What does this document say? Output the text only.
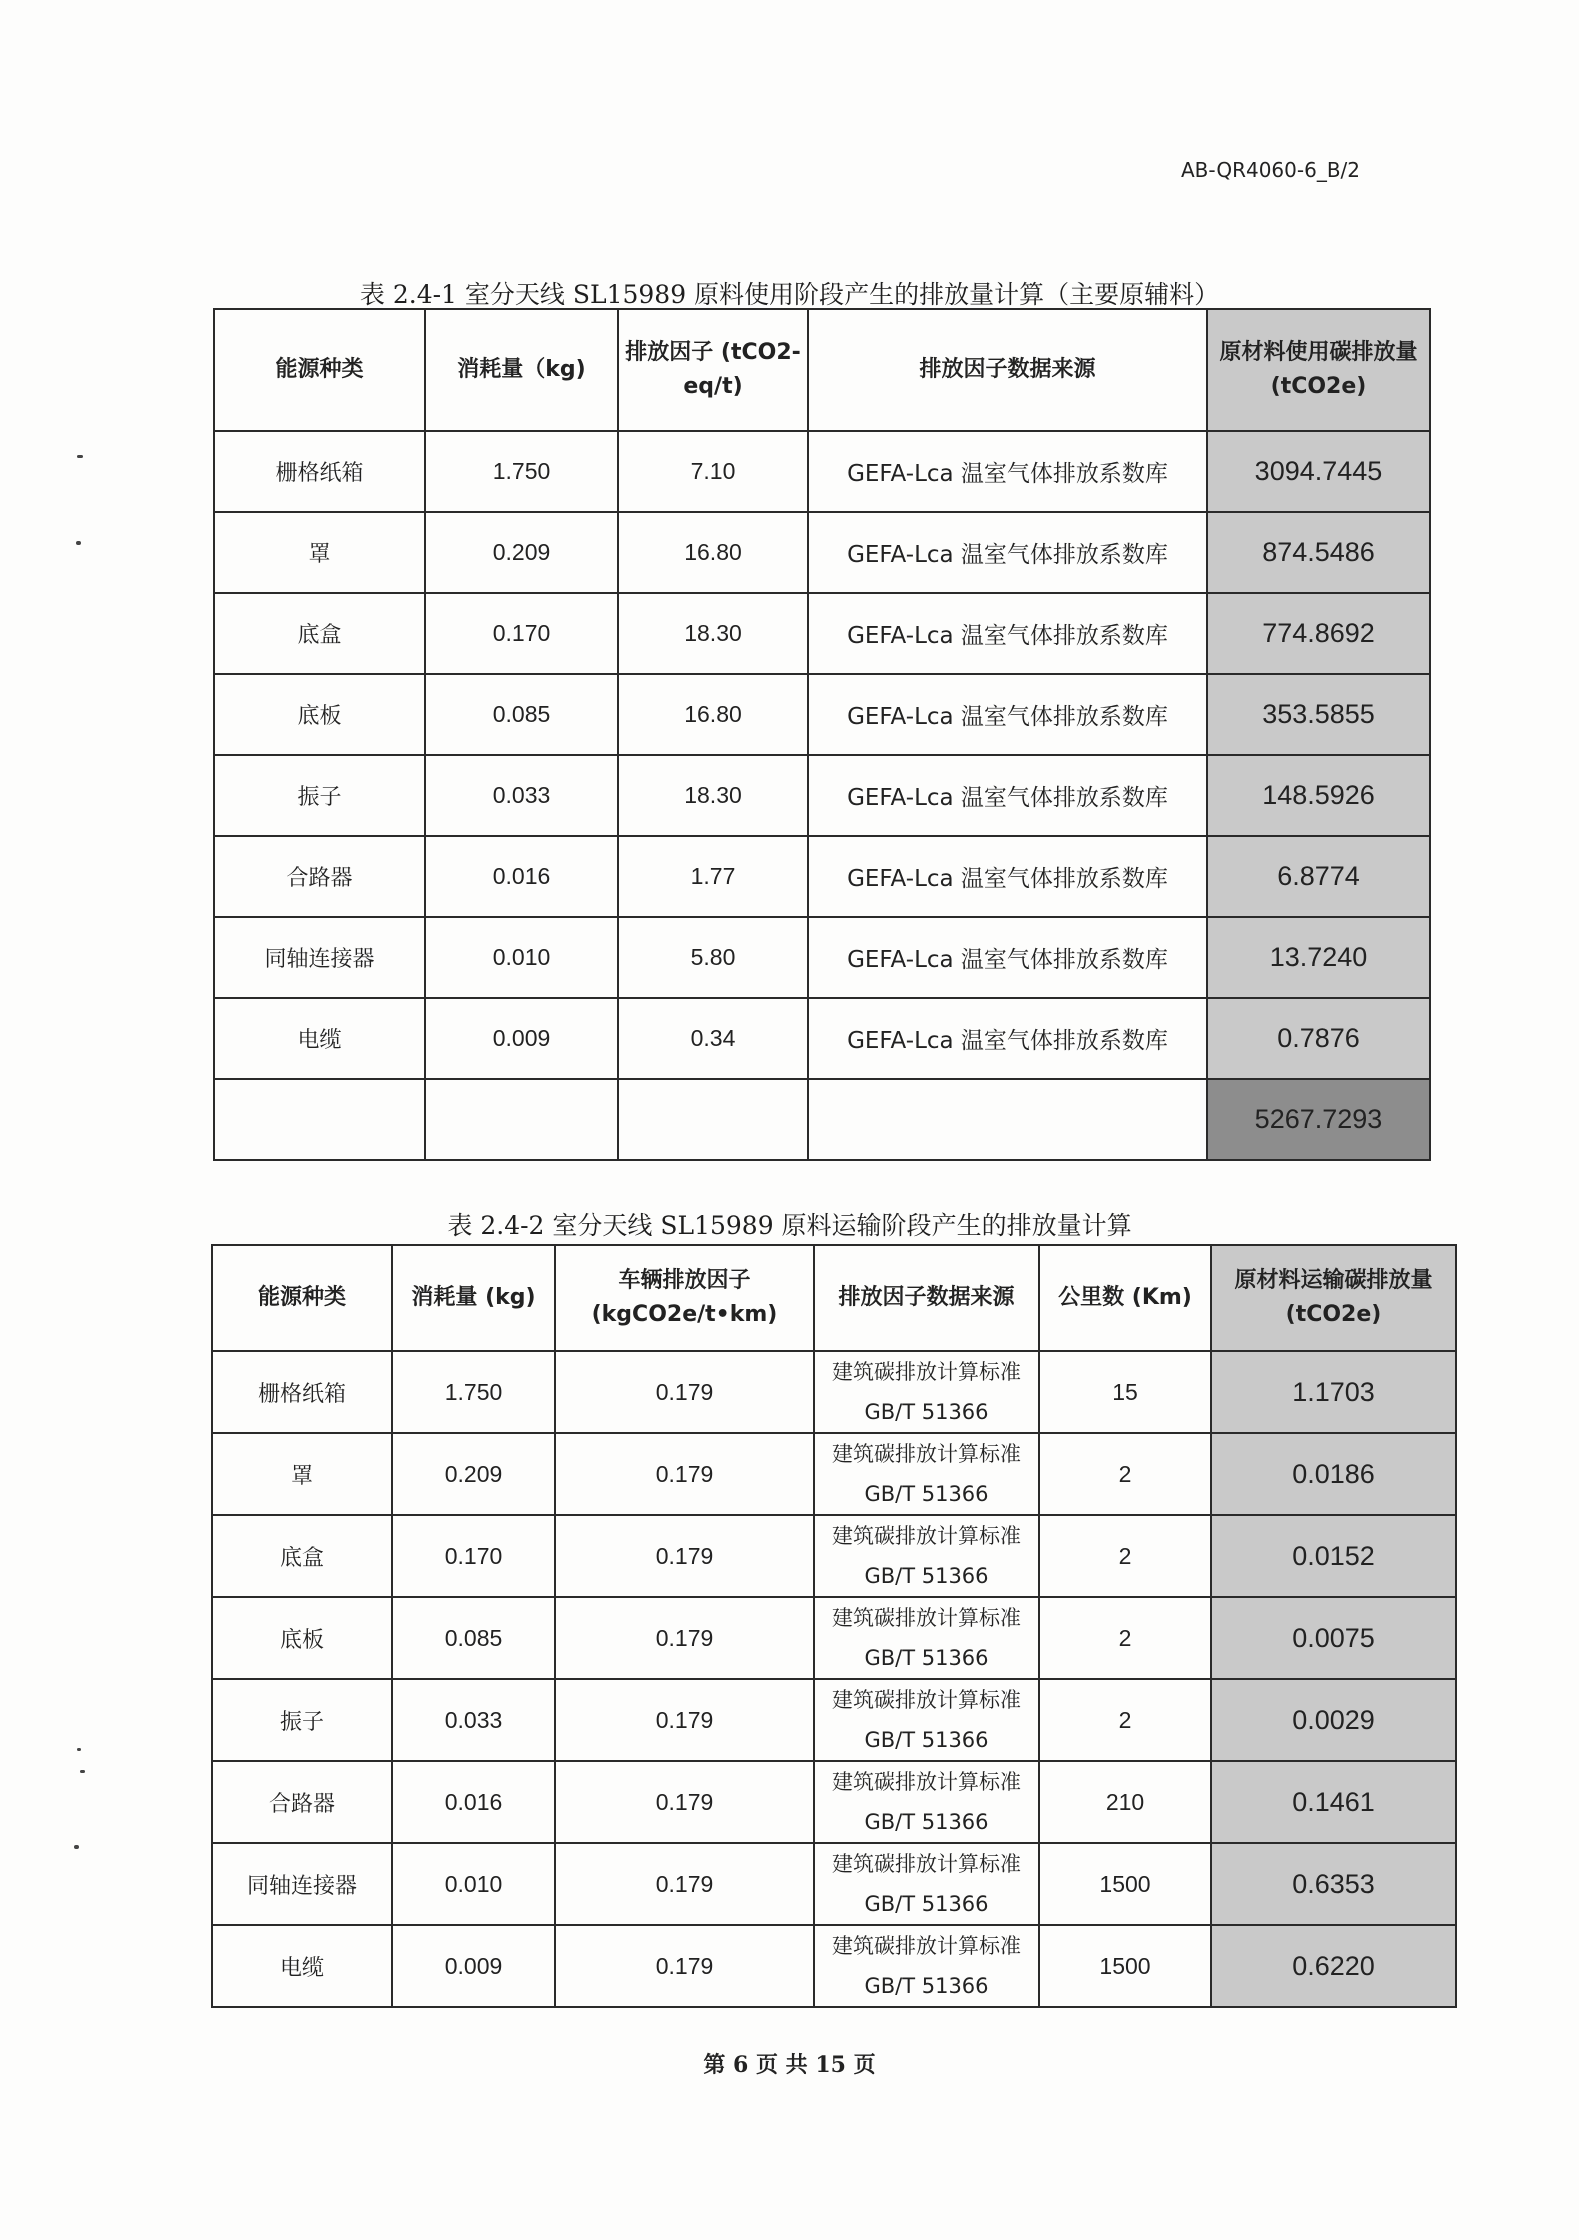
AB-QR4060-6_B/2
表 2.4-1 室分天线 SL15989 原料使用阶段产生的排放量计算（主要原辅料）
能源种类	消耗量（kg)	排放因子 (tCO2-eq/t)	排放因子数据来源	原材料使用碳排放量 (tCO2e)
栅格纸箱	1.750	7.10	GEFA-Lca 温室气体排放系数库	3094.7445
罩	0.209	16.80	GEFA-Lca 温室气体排放系数库	874.5486
底盒	0.170	18.30	GEFA-Lca 温室气体排放系数库	774.8692
底板	0.085	16.80	GEFA-Lca 温室气体排放系数库	353.5855
振子	0.033	18.30	GEFA-Lca 温室气体排放系数库	148.5926
合路器	0.016	1.77	GEFA-Lca 温室气体排放系数库	6.8774
同轴连接器	0.010	5.80	GEFA-Lca 温室气体排放系数库	13.7240
电缆	0.009	0.34	GEFA-Lca 温室气体排放系数库	0.7876
				5267.7293
表 2.4-2 室分天线 SL15989 原料运输阶段产生的排放量计算
能源种类	消耗量 (kg)	车辆排放因子 (kgCO2e/t•km)	排放因子数据来源	公里数 (Km)	原材料运输碳排放量 (tCO2e)
栅格纸箱	1.750	0.179	建筑碳排放计算标准 GB/T 51366	15	1.1703
罩	0.209	0.179	建筑碳排放计算标准 GB/T 51366	2	0.0186
底盒	0.170	0.179	建筑碳排放计算标准 GB/T 51366	2	0.0152
底板	0.085	0.179	建筑碳排放计算标准 GB/T 51366	2	0.0075
振子	0.033	0.179	建筑碳排放计算标准 GB/T 51366	2	0.0029
合路器	0.016	0.179	建筑碳排放计算标准 GB/T 51366	210	0.1461
同轴连接器	0.010	0.179	建筑碳排放计算标准 GB/T 51366	1500	0.6353
电缆	0.009	0.179	建筑碳排放计算标准 GB/T 51366	1500	0.6220
第 6 页 共 15 页
